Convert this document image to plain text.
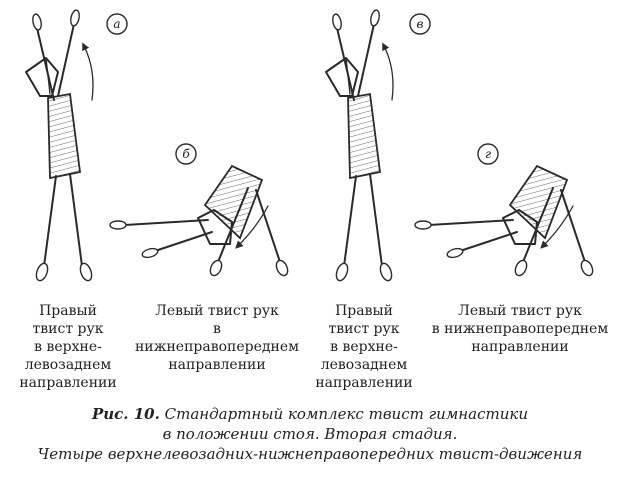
а
б
в
г
Правый
твист рук
в верхне-
левозаднем
направлении
Левый твист рук
в нижнеправопереднем
направлении
Правый
твист рук
в верхне-
левозаднем
направлении
Левый твист рук
в нижнеправопереднем
направлении
Рис. 10. Стандартный комплекс твист гимнастики
в положении стоя. Вторая стадия.
Четыре верхнелевозадних-нижнеправопередних твист-движения
